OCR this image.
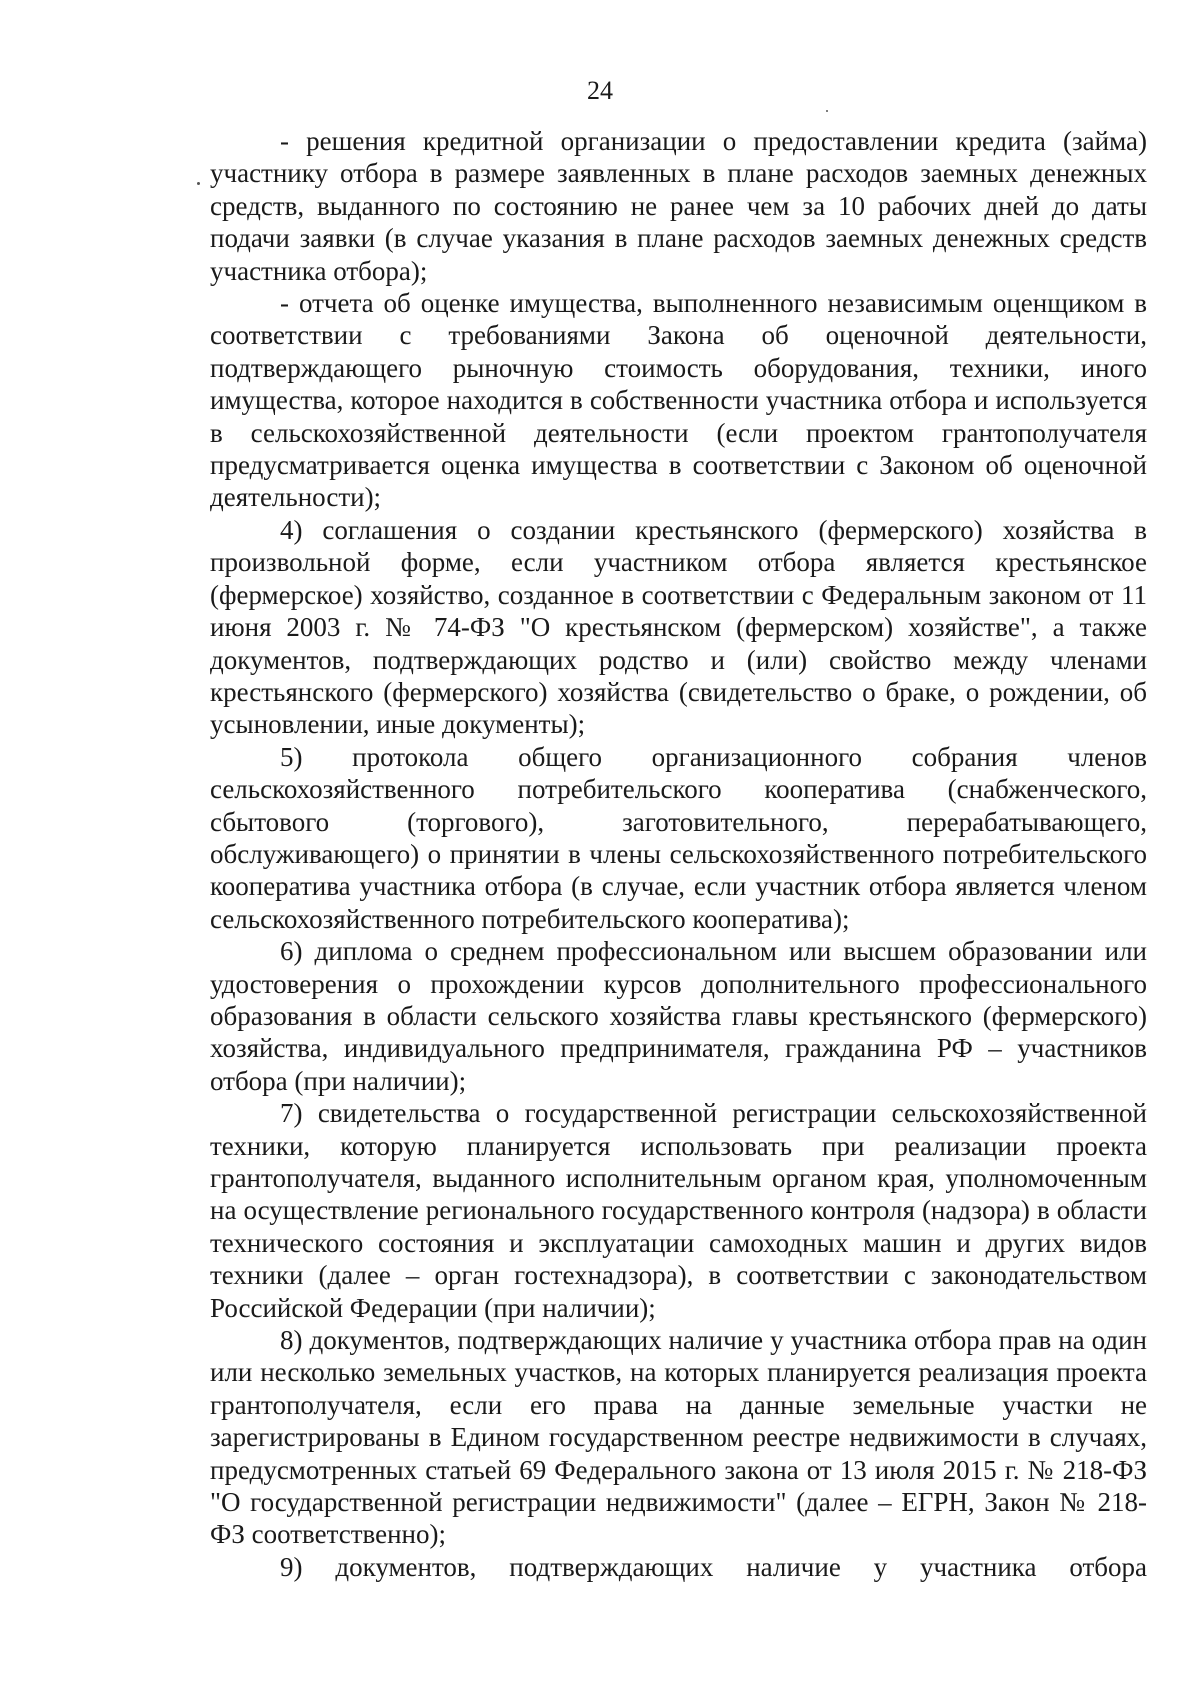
24

- решения кредитной организации о предоставлении кредита (займа) участнику отбора в размере заявленных в плане расходов заемных денежных средств, выданного по состоянию не ранее чем за 10 рабочих дней до даты подачи заявки (в случае указания в плане расходов заемных денежных средств участника отбора);

- отчета об оценке имущества, выполненного независимым оценщиком в соответствии с требованиями Закона об оценочной деятельности, подтверждающего рыночную стоимость оборудования, техники, иного имущества, которое находится в собственности участника отбора и используется в сельскохозяйственной деятельности (если проектом грантополучателя предусматривается оценка имущества в соответствии с Законом об оценочной деятельности);

4) соглашения о создании крестьянского (фермерского) хозяйства в произвольной форме, если участником отбора является крестьянское (фермерское) хозяйство, созданное в соответствии с Федеральным законом от 11 июня 2003 г. № 74-ФЗ "О крестьянском (фермерском) хозяйстве", а также документов, подтверждающих родство и (или) свойство между членами крестьянского (фермерского) хозяйства (свидетельство о браке, о рождении, об усыновлении, иные документы);

5) протокола общего организационного собрания членов сельскохозяйственного потребительского кооператива (снабженческого, сбытового (торгового), заготовительного, перерабатывающего, обслуживающего) о принятии в члены сельскохозяйственного потребительского кооператива участника отбора (в случае, если участник отбора является членом сельскохозяйственного потребительского кооператива);

6) диплома о среднем профессиональном или высшем образовании или удостоверения о прохождении курсов дополнительного профессионального образования в области сельского хозяйства главы крестьянского (фермерского) хозяйства, индивидуального предпринимателя, гражданина РФ – участников отбора (при наличии);

7) свидетельства о государственной регистрации сельскохозяйственной техники, которую планируется использовать при реализации проекта грантополучателя, выданного исполнительным органом края, уполномоченным на осуществление регионального государственного контроля (надзора) в области технического состояния и эксплуатации самоходных машин и других видов техники (далее – орган гостехнадзора), в соответствии с законодательством Российской Федерации (при наличии);

8) документов, подтверждающих наличие у участника отбора прав на один или несколько земельных участков, на которых планируется реализация проекта грантополучателя, если его права на данные земельные участки не зарегистрированы в Едином государственном реестре недвижимости в случаях, предусмотренных статьей 69 Федерального закона от 13 июля 2015 г. № 218-ФЗ "О государственной регистрации недвижимости" (далее – ЕГРН, Закон № 218-ФЗ соответственно);

9) документов, подтверждающих наличие у участника отбора
